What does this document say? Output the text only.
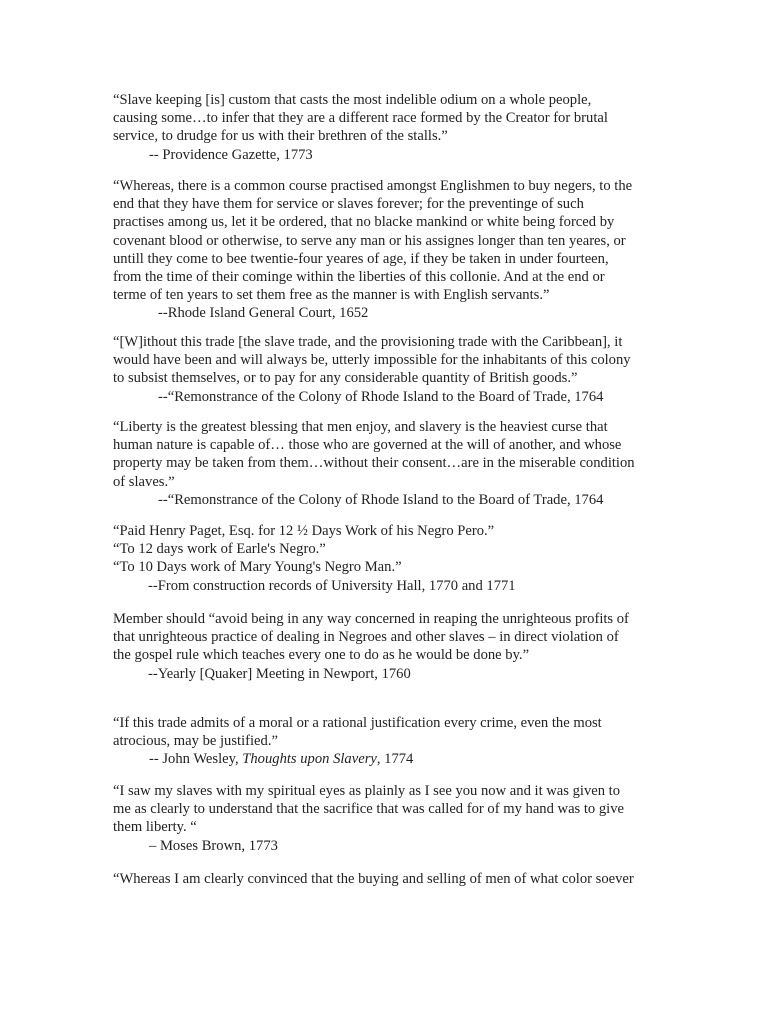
“Slave keeping [is] custom that casts the most indelible odium on a whole people,
causing some…to infer that they are a different race formed by the Creator for brutal
service, to drudge for us with their brethren of the stalls.”
-- Providence Gazette, 1773
“Whereas, there is a common course practised amongst Englishmen to buy negers, to the
end that they have them for service or slaves forever; for the preventinge of such
practises among us, let it be ordered, that no blacke mankind or white being forced by
covenant blood or otherwise, to serve any man or his assignes longer than ten yeares, or
untill they come to bee twentie-four yeares of age, if they be taken in under fourteen,
from the time of their cominge within the liberties of this collonie. And at the end or
terme of ten years to set them free as the manner is with English servants.”
--Rhode Island General Court, 1652
“[W]ithout this trade [the slave trade, and the provisioning trade with the Caribbean], it
would have been and will always be, utterly impossible for the inhabitants of this colony
to subsist themselves, or to pay for any considerable quantity of British goods.”
--“Remonstrance of the Colony of Rhode Island to the Board of Trade, 1764
“Liberty is the greatest blessing that men enjoy, and slavery is the heaviest curse that
human nature is capable of… those who are governed at the will of another, and whose
property may be taken from them…without their consent…are in the miserable condition
of slaves.”
--“Remonstrance of the Colony of Rhode Island to the Board of Trade, 1764
“Paid Henry Paget, Esq. for 12 ½ Days Work of his Negro Pero.”
“To 12 days work of Earle's Negro.”
“To 10 Days work of Mary Young's Negro Man.”
--From construction records of University Hall, 1770 and 1771
Member should “avoid being in any way concerned in reaping the unrighteous profits of
that unrighteous practice of dealing in Negroes and other slaves – in direct violation of
the gospel rule which teaches every one to do as he would be done by.”
--Yearly [Quaker] Meeting in Newport, 1760
“If this trade admits of a moral or a rational justification every crime, even the most
atrocious, may be justified.”
-- John Wesley, Thoughts upon Slavery, 1774
“I saw my slaves with my spiritual eyes as plainly as I see you now and it was given to
me as clearly to understand that the sacrifice that was called for of my hand was to give
them liberty. “
– Moses Brown, 1773
“Whereas I am clearly convinced that the buying and selling of men of what color soever
